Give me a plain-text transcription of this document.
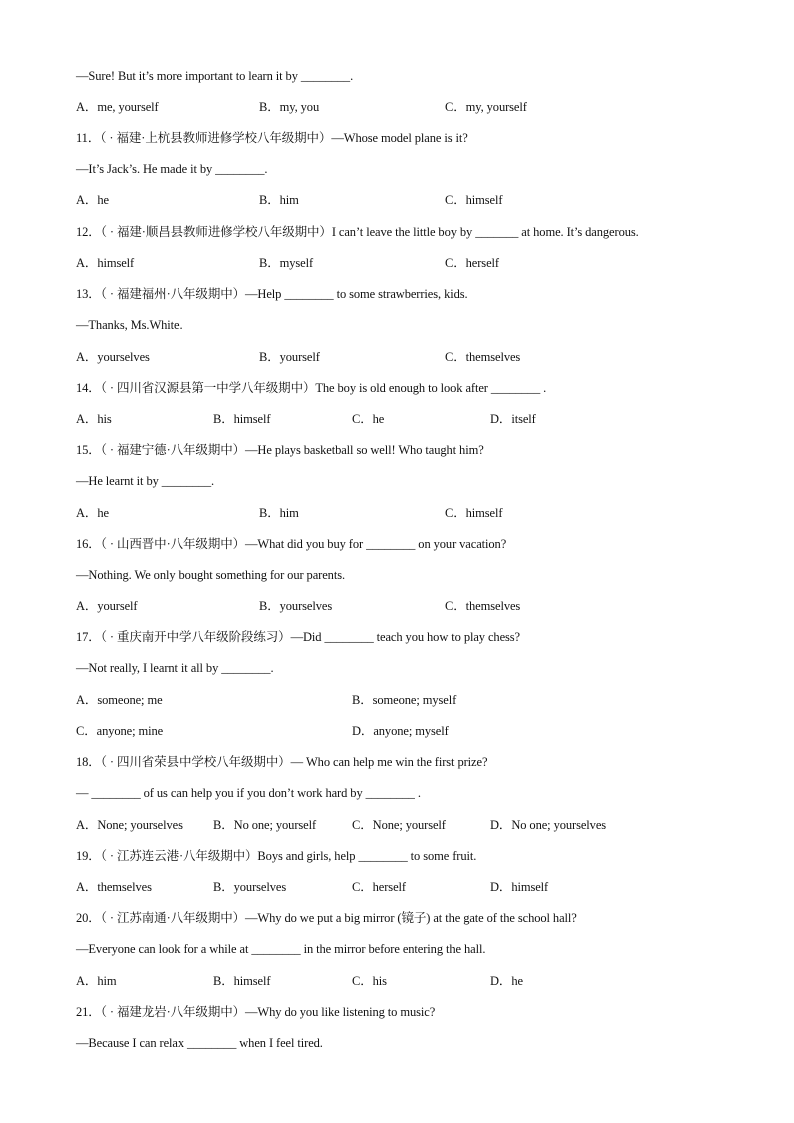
—Sure! But it’s more important to learn it by ________.
A．me, yourself	B．my, you	C．my, yourself
11．（ · 福建·上杭县教师进修学校八年级期中）—Whose model plane is it?
—It’s Jack’s. He made it by ________.
A．he	B．him	C．himself
12．（ · 福建·顺昌县教师进修学校八年级期中）I can’t leave the little boy by _______ at home. It’s dangerous.
A．himself	B．myself	C．herself
13．（ · 福建福州·八年级期中）—Help ________ to some strawberries, kids.
—Thanks, Ms.White.
A．yourselves	B．yourself	C．themselves
14．（ · 四川省汉源县第一中学八年级期中）The boy is old enough to look after ________ .
A．his	B．himself	C．he	D．itself
15．（ · 福建宁德·八年级期中）—He plays basketball so well! Who taught him?
—He learnt it by ________.
A．he	B．him	C．himself
16．（ · 山西晋中·八年级期中）—What did you buy for ________ on your vacation?
—Nothing. We only bought something for our parents.
A．yourself	B．yourselves	C．themselves
17．（ · 重庆南开中学八年级阶段练习）—Did ________ teach you how to play chess?
—Not really, I learnt it all by ________.
A．someone; me	B．someone; myself
C．anyone; mine	D．anyone; myself
18．（ · 四川省荣县中学校八年级期中）— Who can help me win the first prize?
— ________ of us can help you if you don’t work hard by ________ .
A．None; yourselves B．No one; yourself	C．None; yourself	D．No one; yourselves
19．（ · 江苏连云港·八年级期中）Boys and girls, help ________ to some fruit.
A．themselves	B．yourselves	C．herself	D．himself
20．（ · 江苏南通·八年级期中）—Why do we put a big mirror (镜子) at the gate of the school hall?
—Everyone can look for a while at ________ in the mirror before entering the hall.
A．him	B．himself	C．his	D．he
21．（ · 福建龙岩·八年级期中）—Why do you like listening to music?
—Because I can relax ________ when I feel tired.
